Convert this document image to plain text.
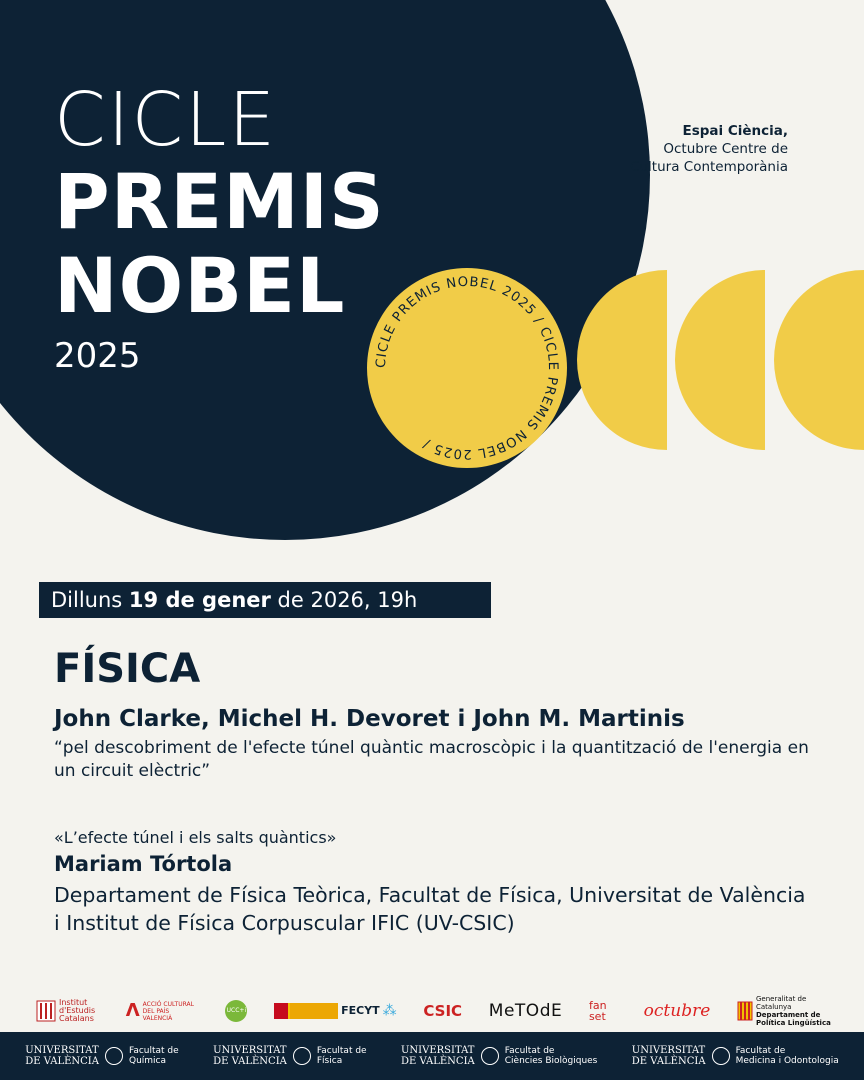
CICLE
PREMIS
NOBEL
2025
Espai Ciència,
Octubre Centre de
Cultura Contemporània
CICLE PREMIS NOBEL 2025 / CICLE PREMIS NOBEL 2025 /
Dilluns 19 de gener de 2026, 19h
FÍSICA
John Clarke, Michel H. Devoret i John M. Martinis
“pel descobriment de l'efecte túnel quàntic macroscòpic i la quantització de l'energia en un circuit elèctric”
«L’efecte túnel i els salts quàntics»
Mariam Tórtola
Departament de Física Teòrica, Facultat de Física, Universitat de València i Institut de Física Corpuscular IFIC (UV-CSIC)
Institut d'Estudis Catalans Λ ACCIÓ CULTURAL DEL PAÍS VALENCIÀ
UCC+i	FECYT ⁂ CSIC MeTOdE fan set	octubre
Generalitat de Catalunya
Departament de Política Lingüística
UNIVERSITAT
DE VALÈNCIA
Facultat de
Química
UNIVERSITAT
DE VALÈNCIA
Facultat de
Física
UNIVERSITAT
DE VALÈNCIA
Facultat de
Ciències Biològiques
UNIVERSITAT
DE VALÈNCIA
Facultat de
Medicina i Odontologia
